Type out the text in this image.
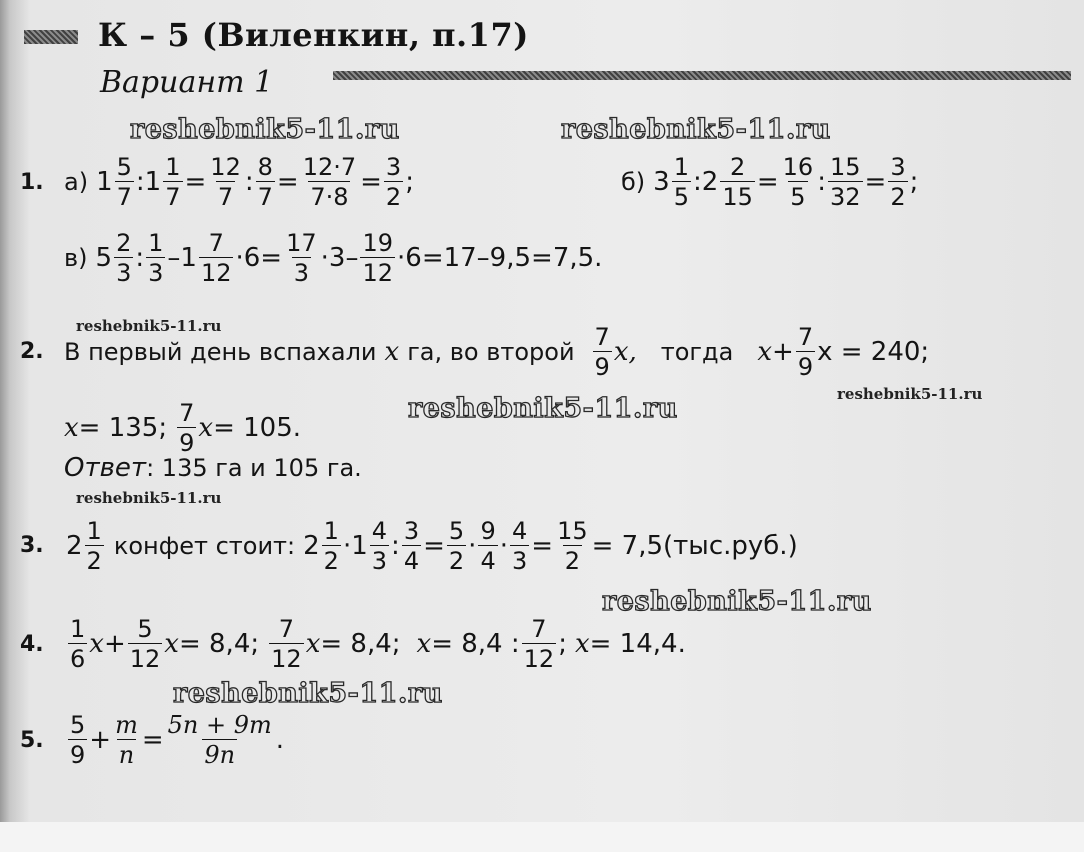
К – 5 (Виленкин, п.17)
Вариант 1
reshebnik5-11.ru	reshebnik5-11.ru
reshebnik5-11.ru
reshebnik5-11.ru	reshebnik5-11.ru
reshebnik5-11.ru
reshebnik5-11.ru
reshebnik5-11.ru
1. а) $1 \frac{5}{7}$ : $1 \frac{1}{7} = \frac{12}{7}$ : $\frac{8}{7} = \frac{12\cdot 7}{7\cdot 8} = \frac{3}{2}$ ;	б) $3 \frac{1}{5}$ : $2 \frac{2}{15} = \frac{16}{5}$ : $\frac{15}{32} = \frac{3}{2}$ ;
в) $5 \frac{2}{3}$ : $\frac{1}{3} - 1 \frac{7}{12} \cdot 6 = \frac{17}{3} \cdot 3 - \frac{19}{12} \cdot 6 =17-9,5=7,5$.
2. В первый день вспахали x га, во второй $\frac{7}{9} x$, тогда $x + \frac{7}{9}$ x = 240;
x = 135; $\frac{7}{9}$ x = 105.
Ответ : 135 га и 105 га.
3. $2 \frac{1}{2}$ конфет стоит: $2 \frac{1}{2} \cdot 1 \frac{4}{3}$ : $\frac{3}{4} = \frac{5}{2} \cdot \frac{9}{4} \cdot \frac{4}{3} = \frac{15}{2} = 7,5(тыс.руб.)$
4. $\frac{1}{6}$ $x + \frac{5}{12}$ x = 8,4; $\frac{7}{12}$ x = 8,4; x = 8,4 : $\frac{7}{12}$ ; x = 14,4.
5. $\frac{5}{9} + \frac{m}{n} = \frac{5n + 9m}{9n}$ .
